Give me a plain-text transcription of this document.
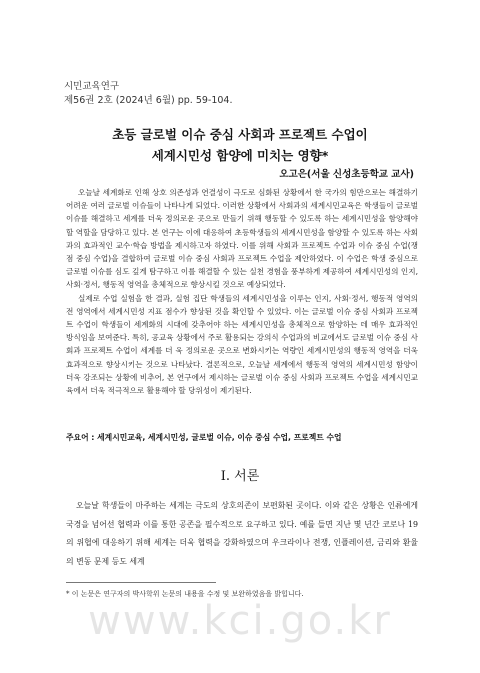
시민교육연구
제56권 2호 (2024년 6월) pp. 59-104.
초등 글로벌 이슈 중심 사회과 프로젝트 수업이
세계시민성 함양에 미치는 영향*
오고은(서울 신성초등학교 교사)

오늘날 세계화로 인해 상호 의존성과 연결성이 극도로 심화된 상황에서 한 국가의 힘만으로는 해결하기 어려운 여러 글로벌 이슈들이 나타나게 되었다. 이러한 상황에서 사회과의 세계시민교육은 학생들이 글로벌 이슈를 해결하고 세계를 더욱 정의로운 곳으로 만들기 위해 행동할 수 있도록 하는 세계시민성을 함양해야 할 역할을 담당하고 있다. 본 연구는 이에 대응하여 초등학생들의 세계시민성을 함양할 수 있도록 하는 사회과의 효과적인 교수·학습 방법을 제시하고자 하였다. 이를 위해 사회과 프로젝트 수업과 이슈 중심 수업(쟁점 중심 수업)을 결합하여 글로벌 이슈 중심 사회과 프로젝트 수업을 제안하였다. 이 수업은 학생 중심으로 글로벌 이슈를 심도 깊게 탐구하고 이를 해결할 수 있는 실천 경험을 풍부하게 제공하여 세계시민성의 인지, 사회·정서, 행동적 영역을 총체적으로 향상시킬 것으로 예상되었다.

실제로 수업 실험을 한 결과, 실험 집단 학생들의 세계시민성을 이루는 인지, 사회·정서, 행동적 영역의 전 영역에서 세계시민성 지표 점수가 향상된 것을 확인할 수 있었다. 이는 글로벌 이슈 중심 사회과 프로젝트 수업이 학생들이 세계화의 시대에 갖추어야 하는 세계시민성을 총체적으로 함양하는 데 매우 효과적인 방식임을 보여준다. 특히, 공교육 상황에서 주로 활용되는 강의식 수업과의 비교에서도 글로벌 이슈 중심 사회과 프로젝트 수업이 세계를 더 욱 정의로운 곳으로 변화시키는 역량인 세계시민성의 행동적 영역을 더욱 효과적으로 향상시키는 것으로 나타났다. 결론적으로, 오늘날 세계에서 행동적 영역의 세계시민성 함양이 더욱 강조되는 상황에 비추어, 본 연구에서 제시하는 글로벌 이슈 중심 사회과 프로젝트 수업을 세계시민교육에서 더욱 적극적으로 활용해야 할 당위성이 제기된다.

주요어 : 세계시민교육, 세계시민성, 글로벌 이슈, 이슈 중심 수업, 프로젝트 수업
Ⅰ. 서론

오늘날 학생들이 마주하는 세계는 극도의 상호의존이 보편화된 곳이다. 이와 같은 상황은 인류에게 국경을 넘어선 협력과 이를 통한 공존을 필수적으로 요구하고 있다. 예를 들면 지난 몇 년간 코로나 19의 위협에 대응하기 위해 세계는 더욱 협력을 강화하였으며 우크라이나 전쟁, 인플레이션, 금리와 환율의 변동 문제 등도 세계

* 이 논문은 연구자의 박사학위 논문의 내용을 수정 및 보완하였음을 밝힙니다.
www.kci.go.kr
